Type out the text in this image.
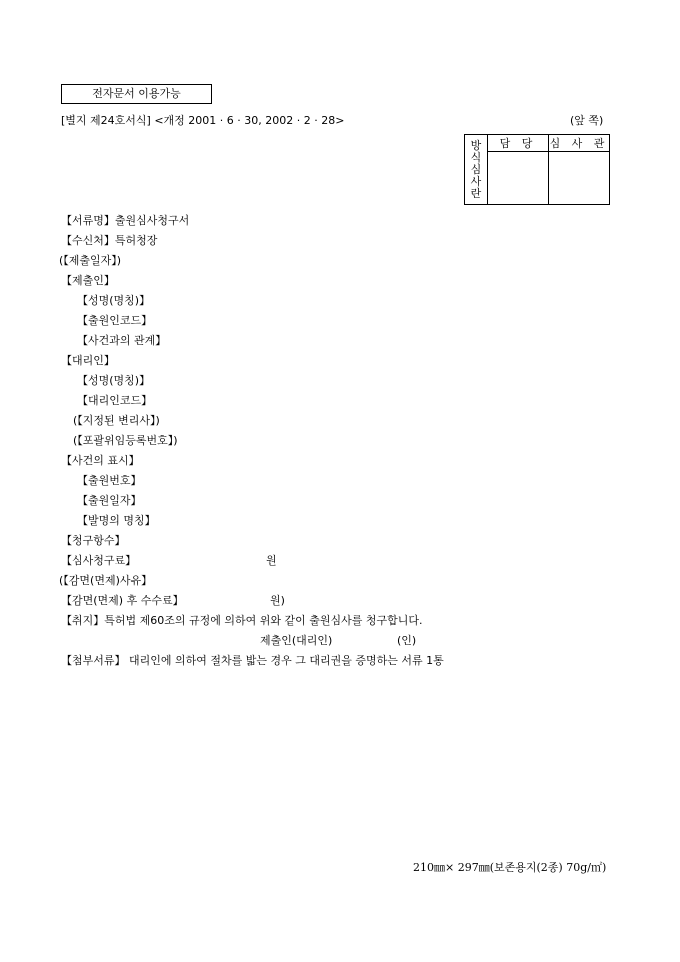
전자문서 이용가능
[별지 제24호서식] <개정 2001 · 6 · 30, 2002 · 2 · 28>	(앞 쪽)
방
식
심
사
란	담 당	심 사 관

【서류명】출원심사청구서
【수신처】특허청장
(【제출일자】)
【제출인】
【성명(명칭)】
【출원인코드】
【사건과의 관계】
【대리인】
【성명(명칭)】
【대리인코드】
(【지정된 변리사】)
(【포괄위임등록번호】)
【사건의 표시】
【출원번호】
【출원일자】
【발명의 명칭】
【청구항수】
【심사청구료】	원
(【감면(면제)사유】
【감면(면제) 후 수수료】	원)
【취지】특허법 제60조의 규정에 의하여 위와 같이 출원심사를 청구합니다.
제출인(대리인)	(인)
【첨부서류】 대리인에 의하여 절차를 밟는 경우 그 대리권을 증명하는 서류 1통
210㎜× 297㎜(보존용지(2종) 70g/㎡)
